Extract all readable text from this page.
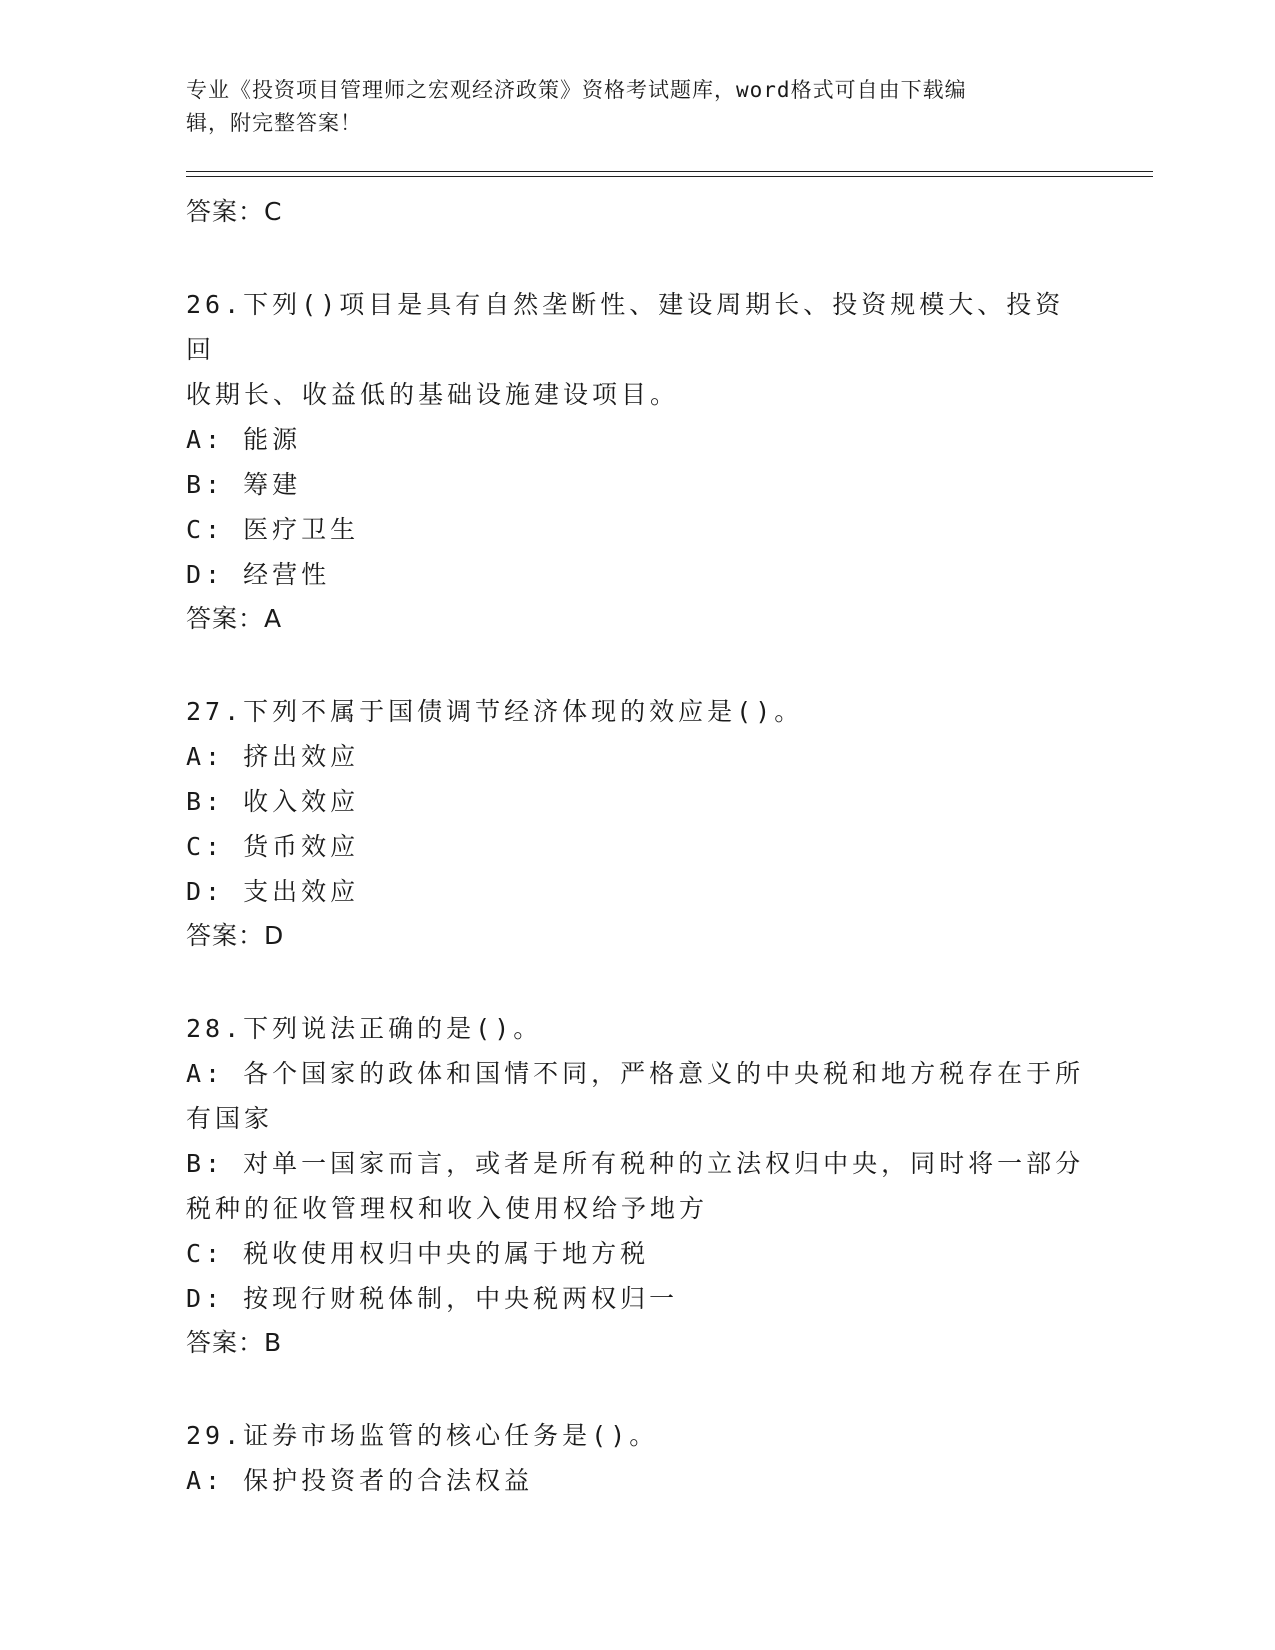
专业《投资项目管理师之宏观经济政策》资格考试题库，word格式可自由下载编
辑，附完整答案！
答案：C
26.下列()项目是具有自然垄断性、建设周期长、投资规模大、投资回
收期长、收益低的基础设施建设项目。
A: 能源
B: 筹建
C: 医疗卫生
D: 经营性
答案：A
27.下列不属于国债调节经济体现的效应是()。
A: 挤出效应
B: 收入效应
C: 货币效应
D: 支出效应
答案：D
28.下列说法正确的是()。
A: 各个国家的政体和国情不同，严格意义的中央税和地方税存在于所
有国家
B: 对单一国家而言，或者是所有税种的立法权归中央，同时将一部分
税种的征收管理权和收入使用权给予地方
C: 税收使用权归中央的属于地方税
D: 按现行财税体制，中央税两权归一
答案：B
29.证券市场监管的核心任务是()。
A: 保护投资者的合法权益
